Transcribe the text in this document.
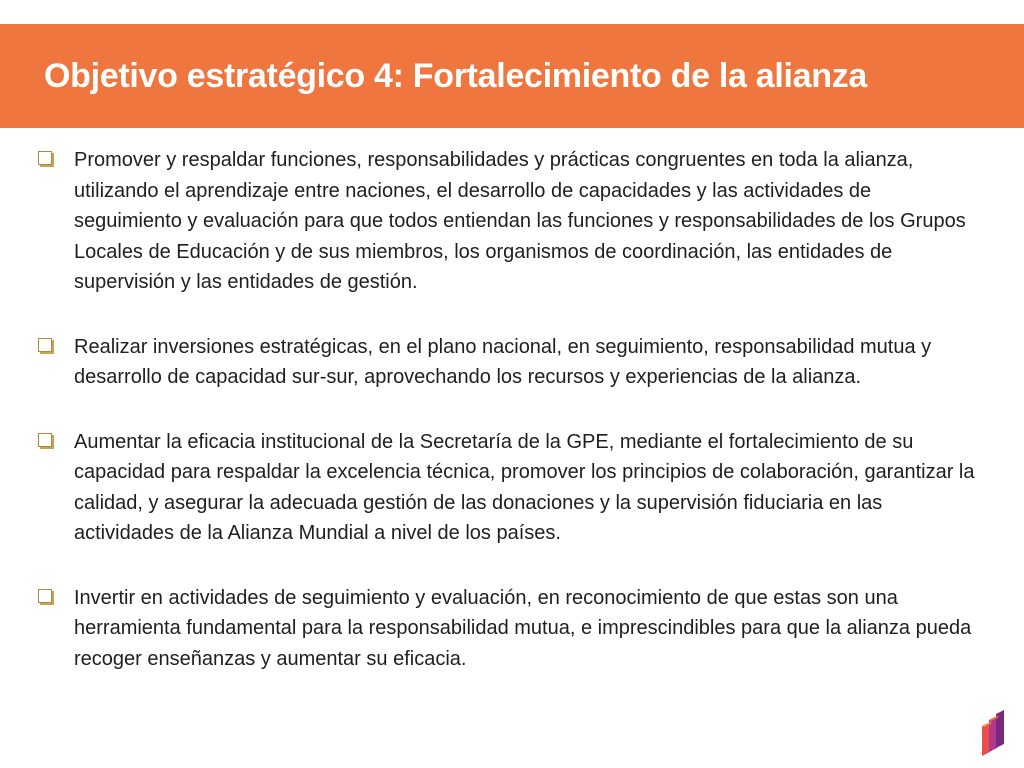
Objetivo estratégico 4: Fortalecimiento de la alianza
Promover y respaldar funciones, responsabilidades y prácticas congruentes en toda la alianza, utilizando el aprendizaje entre naciones, el desarrollo de capacidades y las actividades de seguimiento y evaluación para que todos entiendan las funciones y responsabilidades de los Grupos Locales de Educación y de sus miembros, los organismos de coordinación, las entidades de supervisión y las entidades de gestión.
Realizar inversiones estratégicas, en el plano nacional, en seguimiento, responsabilidad mutua y desarrollo de capacidad sur-sur, aprovechando los recursos y experiencias de la alianza.
Aumentar la eficacia institucional de la Secretaría de la GPE, mediante el fortalecimiento de su capacidad para respaldar la excelencia técnica, promover los principios de colaboración, garantizar la calidad, y asegurar la adecuada gestión de las donaciones y la supervisión fiduciaria en las actividades de la Alianza Mundial a nivel de los países.
Invertir en actividades de seguimiento y evaluación, en reconocimiento de que estas son una herramienta fundamental para la responsabilidad mutua, e imprescindibles para que la alianza pueda recoger enseñanzas y aumentar su eficacia.
